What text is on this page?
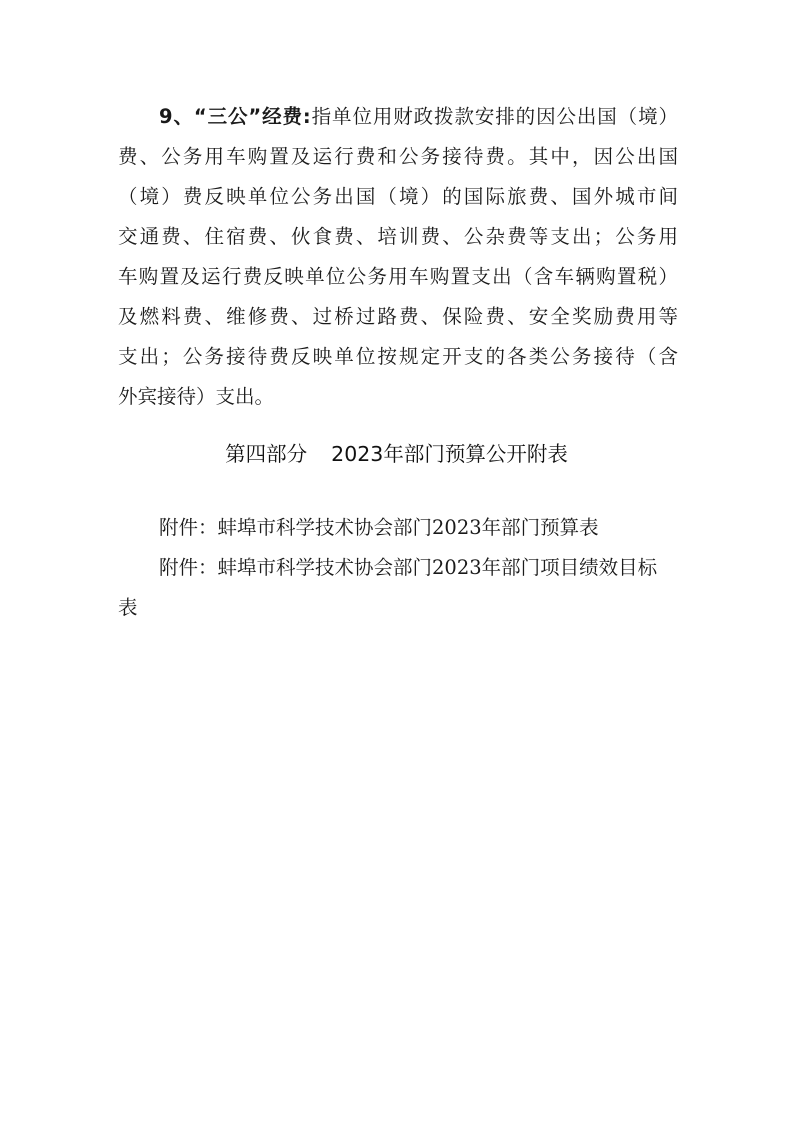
9、“三公”经费:指单位用财政拨款安排的因公出国（境）
费、公务用车购置及运行费和公务接待费。其中，因公出国
（境）费反映单位公务出国（境）的国际旅费、国外城市间
交通费、住宿费、伙食费、培训费、公杂费等支出；公务用
车购置及运行费反映单位公务用车购置支出（含车辆购置税）
及燃料费、维修费、过桥过路费、保险费、安全奖励费用等
支出；公务接待费反映单位按规定开支的各类公务接待（含
外宾接待）支出。
第四部分 2023年部门预算公开附表
附件：蚌埠市科学技术协会部门2023年部门预算表
附件：蚌埠市科学技术协会部门2023年部门项目绩效目标
表
